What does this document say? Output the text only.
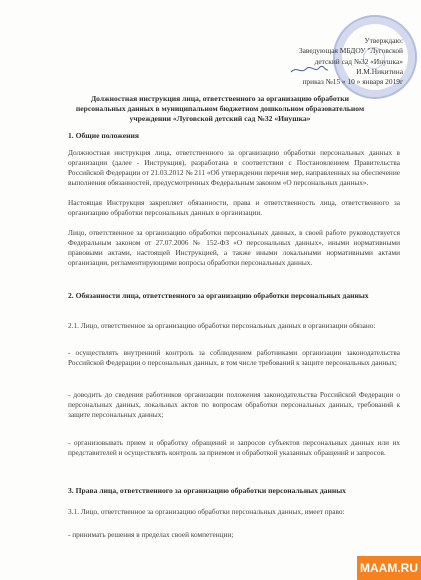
Утверждаю:
Заведующая МБДОУ "Луговской
детский сад №32 «Инушка»
И.М.Никитина
приказ №15 « 10 » января 2019г
Должностная инструкция лица, ответственного за организацию обработки персональных данных в муниципальном бюджетном дошкольном образовательном учреждении «Луговской детский сад №32 «Инушка»
1. Общие положения
Должностная инструкция лица, ответственного за организацию обработки персональных данных в организации (далее - Инструкция), разработана в соответствии с Постановлением Правительства Российской Федерации от 21.03.2012 № 211 «Об утверждении перечня мер, направленных на обеспечение выполнения обязанностей, предусмотренных Федеральным законом «О персональных данных».
Настоящая Инструкция закрепляет обязанности, права и ответственность лица, ответственного за организацию обработки персональных данных в организации.
Лицо, ответственное за организацию обработки персональных данных, в своей работе руководствуется Федеральным законом от 27.07.2006 № 152-ФЗ «О персональных данных», иными нормативными правовыми актами, настоящей Инструкцией, а также иными локальными нормативными актами организации, регламентирующими вопросы обработки персональных данных.
2. Обязанности лица, ответственного за организацию обработки персональных данных
2.1. Лицо, ответственное за организацию обработки персональных данных в организации обязано:
- осуществлять внутренний контроль за соблюдением работниками организации законодательства Российской Федерации о персональных данных, в том числе требований к защите персональных данных;
- доводить до сведения работников организации положения законодательства Российской Федерации о персональных данных, локальных актов по вопросам обработки персональных данных, требований к защите персональных данных;
- организовывать прием и обработку обращений и запросов субъектов персональных данных или их представителей и осуществлять контроль за приемом и обработкой указанных обращений и запросов.
3. Права лица, ответственного за организацию обработки персональных данных
3.1. Лицо, ответственное за организацию обработки персональных данных, имеет право:
- принимать решения в пределах своей компетенции;
MAAM.RU
